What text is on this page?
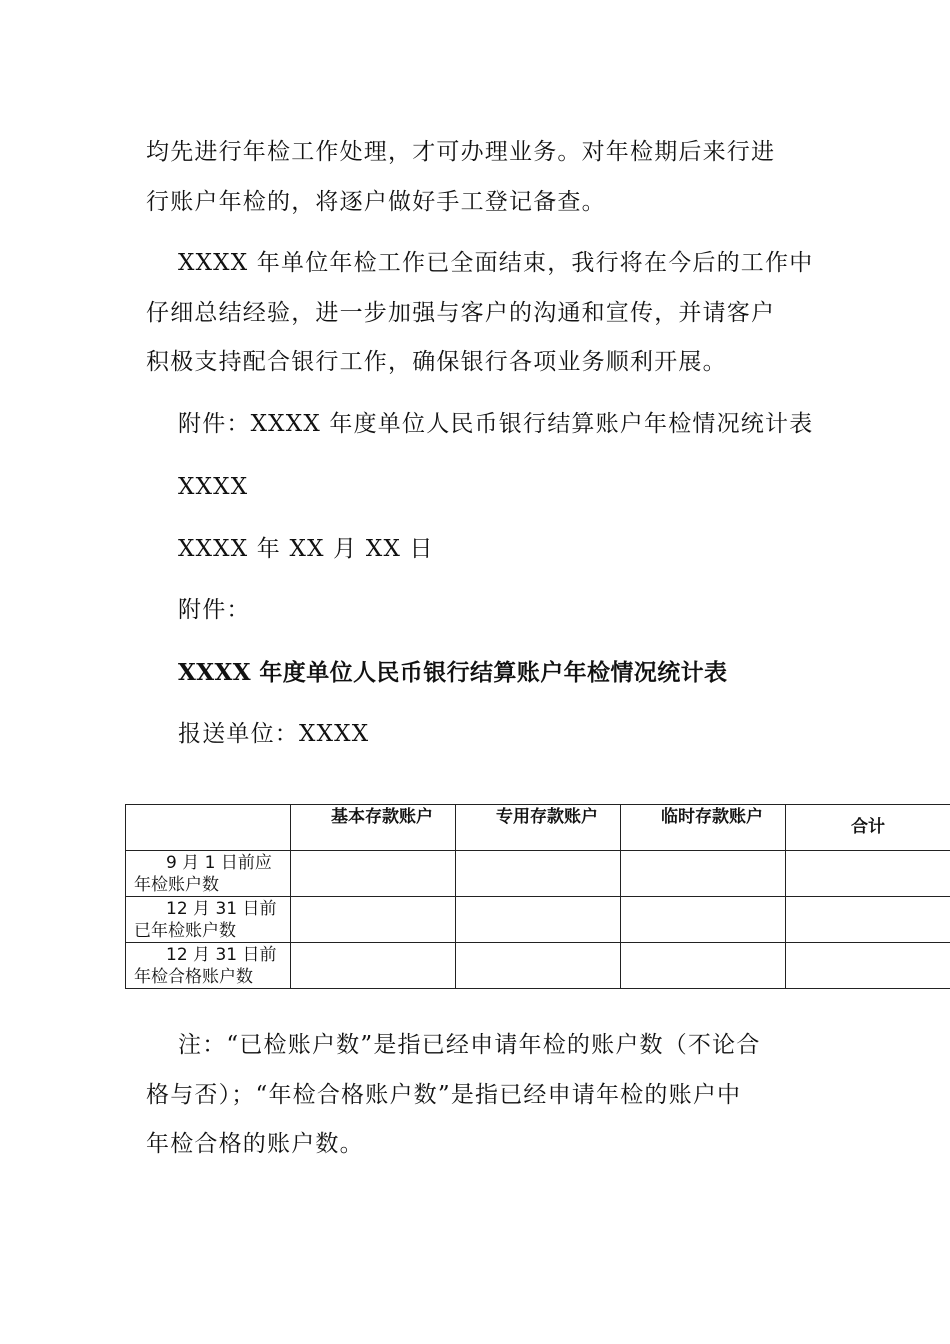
均先进行年检工作处理，才可办理业务。对年检期后来行进
行账户年检的，将逐户做好手工登记备查。
XXXX 年单位年检工作已全面结束，我行将在今后的工作中
仔细总结经验，进一步加强与客户的沟通和宣传，并请客户
积极支持配合银行工作，确保银行各项业务顺利开展。
附件：XXXX 年度单位人民币银行结算账户年检情况统计表
XXXX
XXXX 年 XX 月 XX 日
附件：
XXXX 年度单位人民币银行结算账户年检情况统计表
报送单位：XXXX

	基本存款账户	专用存款账户	临时存款账户	合计

9 月 1 日前应年检账户数				

12 月 31 日前已年检账户数				

12 月 31 日前年检合格账户数				

注：“已检账户数”是指已经申请年检的账户数（不论合
格与否）；“年检合格账户数”是指已经申请年检的账户中
年检合格的账户数。
